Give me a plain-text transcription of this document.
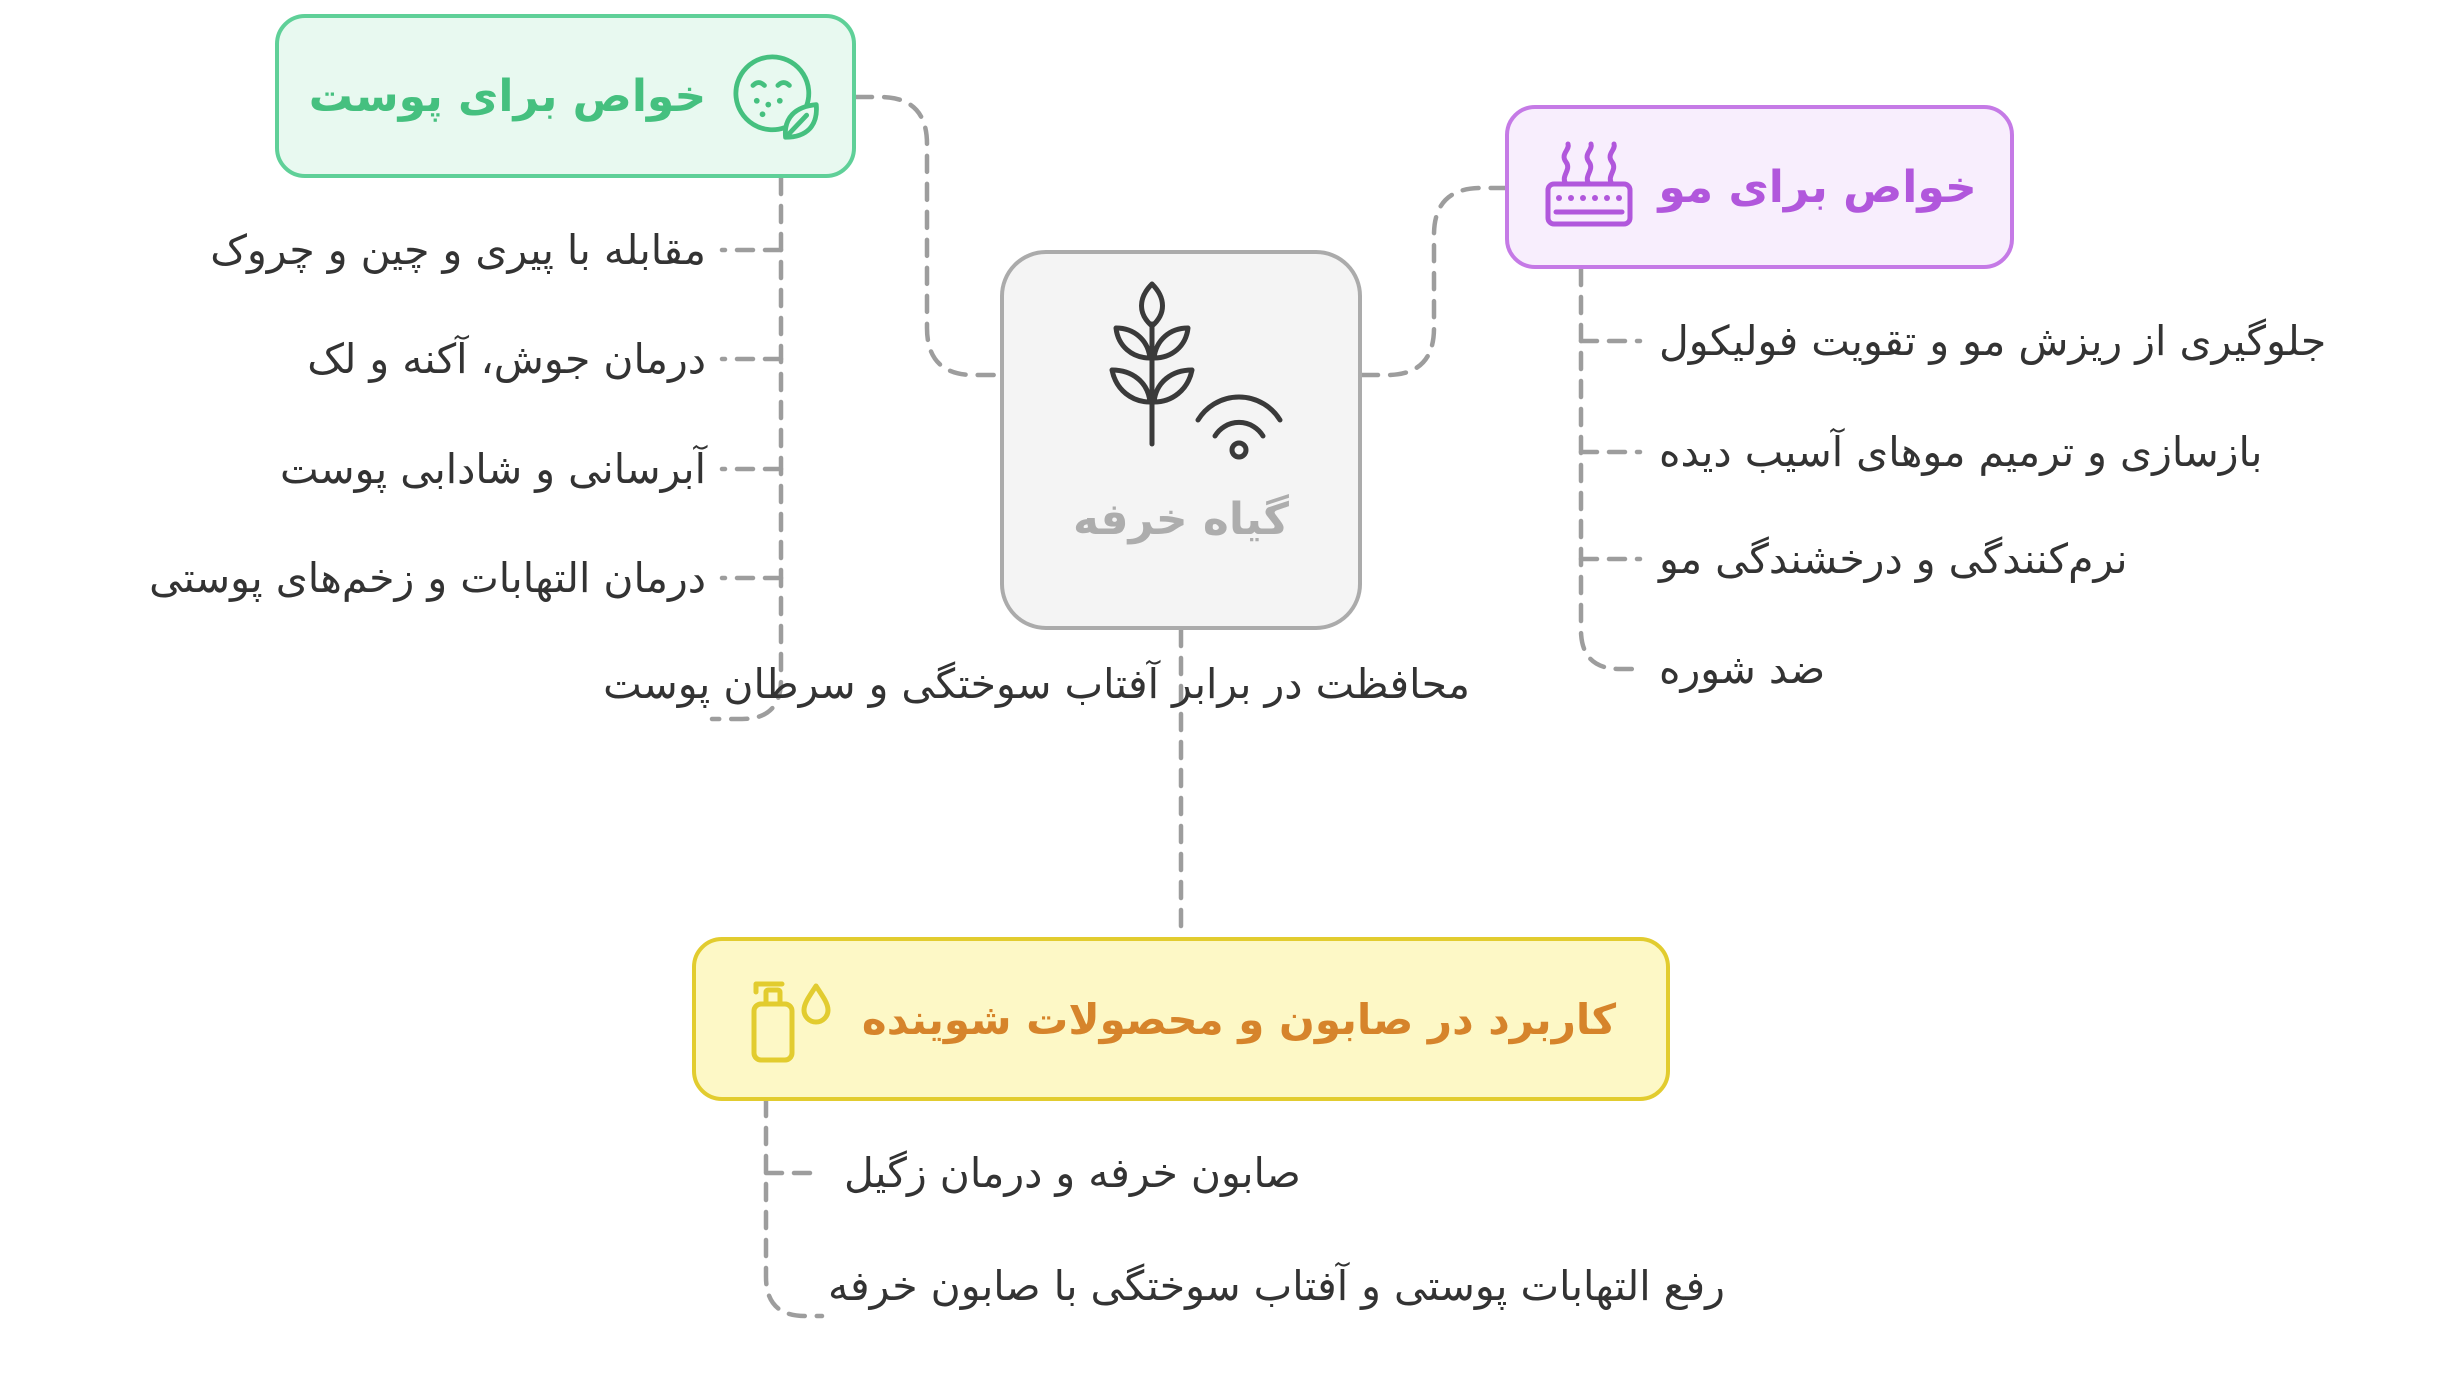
گیاه خرفه
خواص برای پوست
خواص برای مو
کاربرد در صابون و محصولات شوینده
مقابله با پیری و چین و چروک
درمان جوش، آکنه و لک
آبرسانی و شادابی پوست
درمان التهابات و زخم‌های پوستی
محافظت در برابر آفتاب سوختگی و سرطان پوست
جلوگیری از ریزش مو و تقویت فولیکول
بازسازی و ترمیم موهای آسیب دیده
نرم‌کنندگی و درخشندگی مو
ضد شوره
صابون خرفه و درمان زگیل
رفع التهابات پوستی و آفتاب سوختگی با صابون خرفه
